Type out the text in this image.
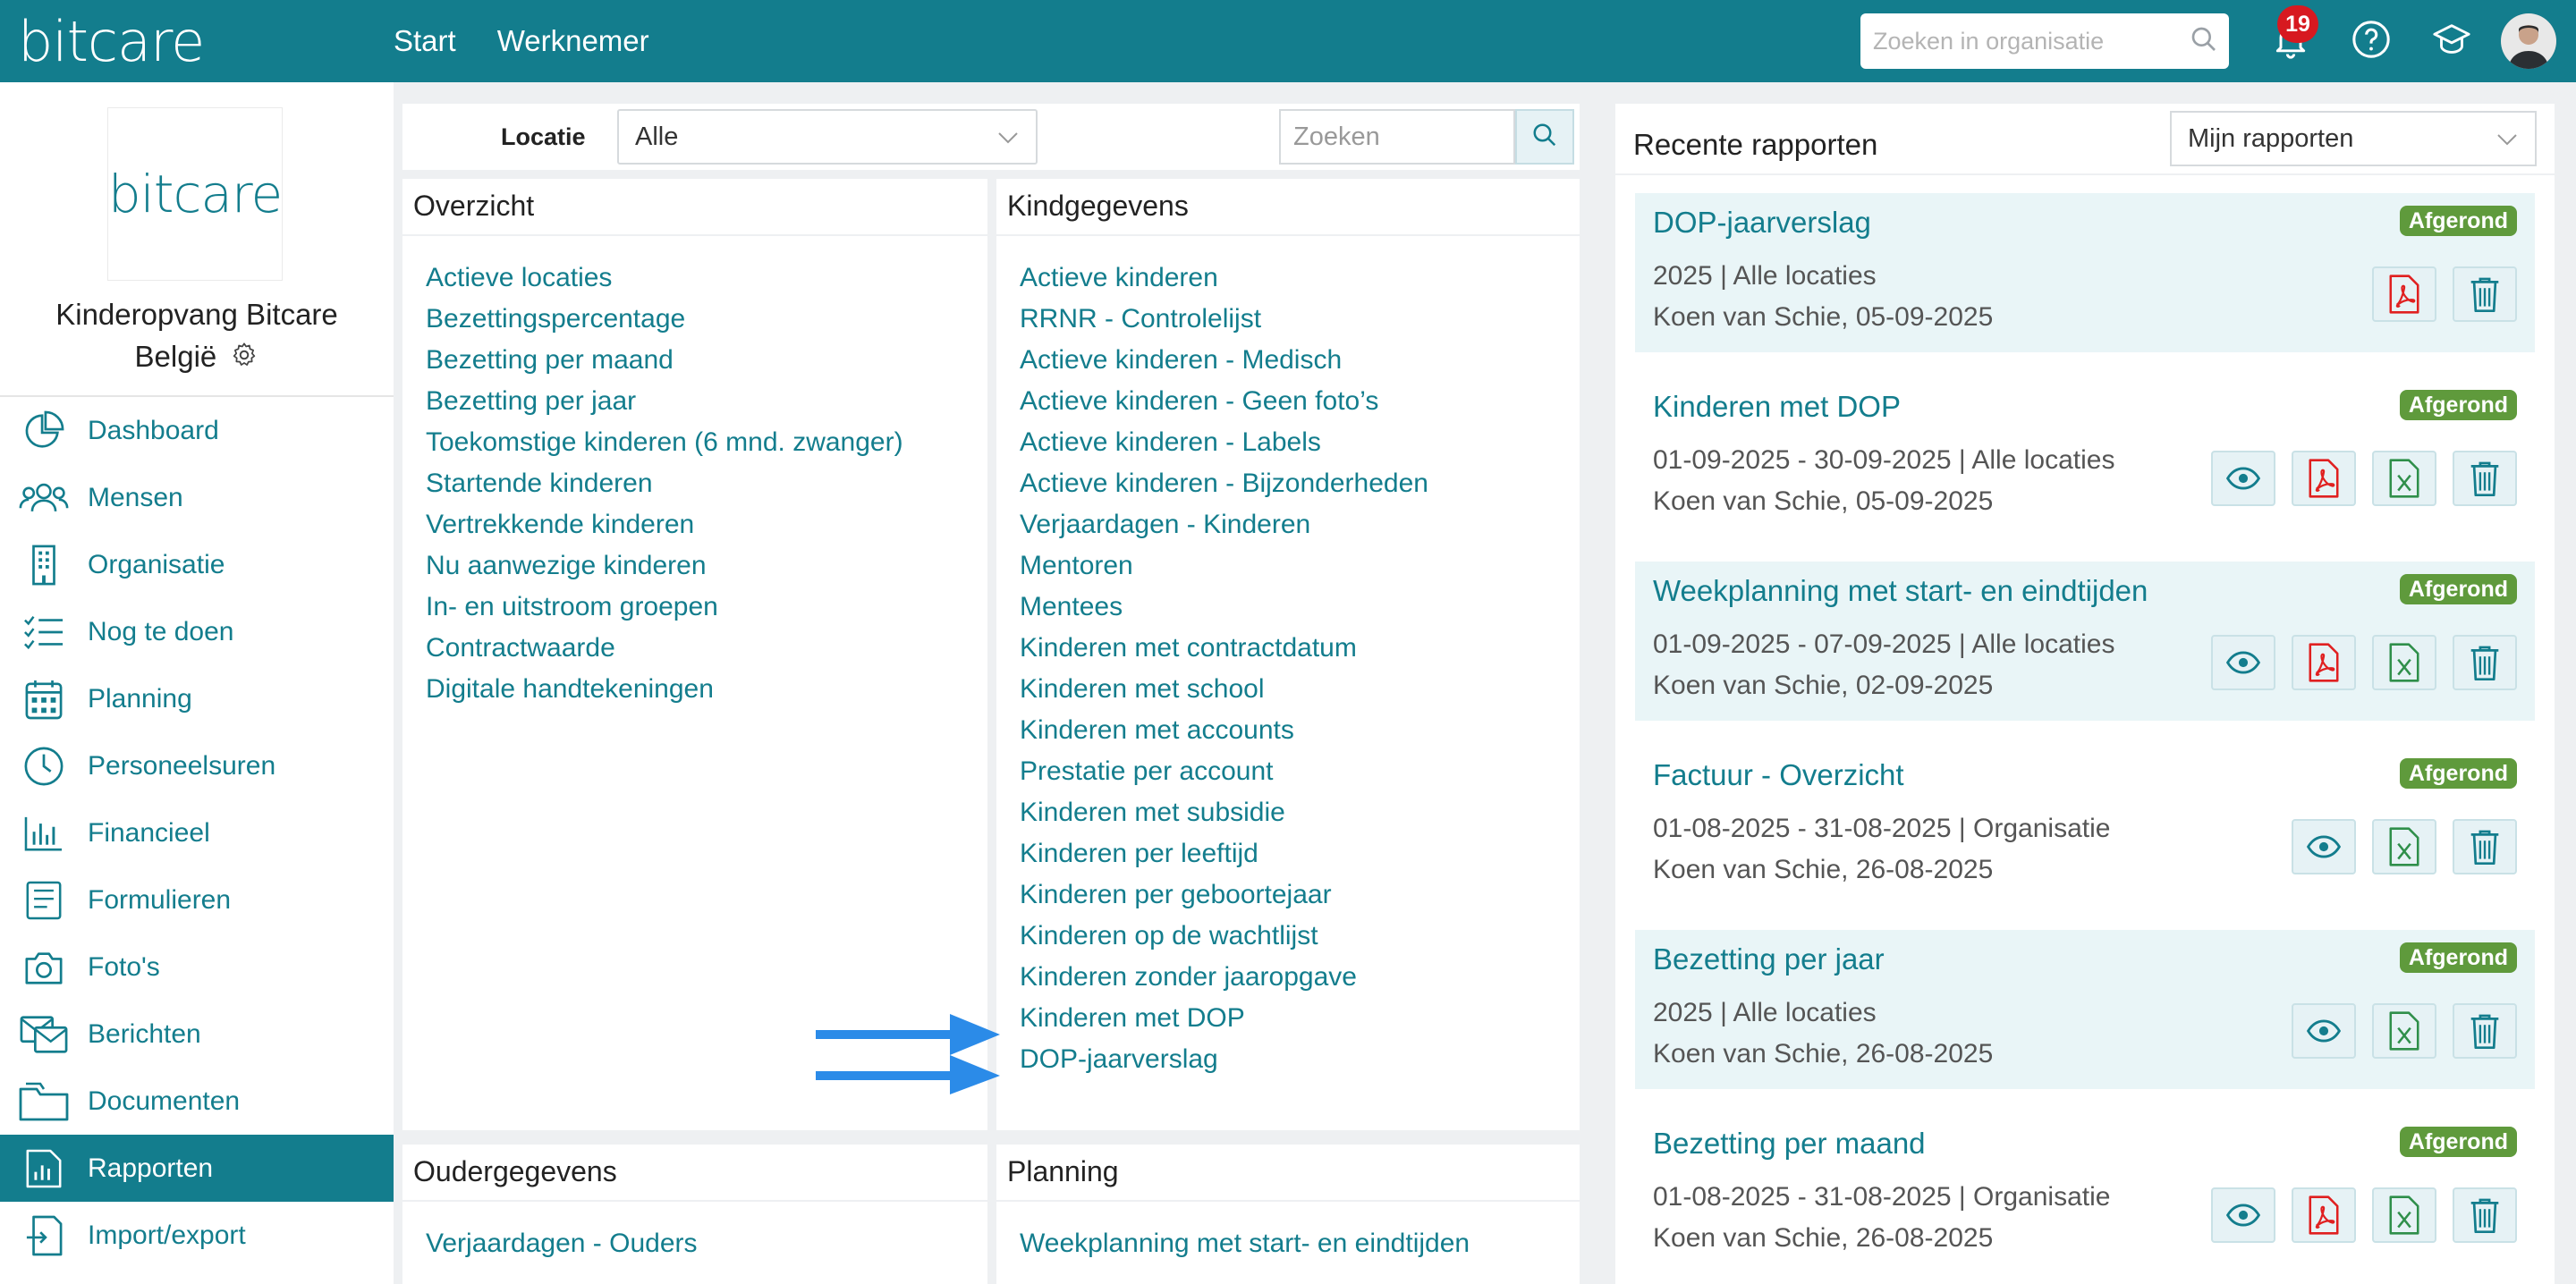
bitcare	Start Werknemer
Zoeken in organisatie
19
bitcare
Kinderopvang Bitcare
België
Dashboard
Mensen
Organisatie
Nog te doen
Planning
Personeelsuren
Financieel
Formulieren
Foto's
Berichten
Documenten
Rapporten
Import/export
Locatie Alle
Zoeken
Overzicht
Actieve locaties
Bezettingspercentage
Bezetting per maand
Bezetting per jaar
Toekomstige kinderen (6 mnd. zwanger)
Startende kinderen
Vertrekkende kinderen
Nu aanwezige kinderen
In- en uitstroom groepen
Contractwaarde
Digitale handtekeningen
Kindgegevens
Actieve kinderen
RRNR - Controlelijst
Actieve kinderen - Medisch
Actieve kinderen - Geen foto’s
Actieve kinderen - Labels
Actieve kinderen - Bijzonderheden
Verjaardagen - Kinderen
Mentoren
Mentees
Kinderen met contractdatum
Kinderen met school
Kinderen met accounts
Prestatie per account
Kinderen met subsidie
Kinderen per leeftijd
Kinderen per geboortejaar
Kinderen op de wachtlijst
Kinderen zonder jaaropgave
Kinderen met DOP
DOP-jaarverslag
Oudergegevens
Verjaardagen - Ouders
Planning
Weekplanning met start- en eindtijden
Recente rapporten	Mijn rapporten
DOP-jaarverslag	Afgerond
2025 | Alle locaties
Koen van Schie, 05-09-2025
Kinderen met DOP	Afgerond
01-09-2025 - 30-09-2025 | Alle locaties
Koen van Schie, 05-09-2025
Weekplanning met start- en eindtijden	Afgerond
01-09-2025 - 07-09-2025 | Alle locaties
Koen van Schie, 02-09-2025
Factuur - Overzicht	Afgerond
01-08-2025 - 31-08-2025 | Organisatie
Koen van Schie, 26-08-2025
Bezetting per jaar	Afgerond
2025 | Alle locaties
Koen van Schie, 26-08-2025
Bezetting per maand	Afgerond
01-08-2025 - 31-08-2025 | Organisatie
Koen van Schie, 26-08-2025
